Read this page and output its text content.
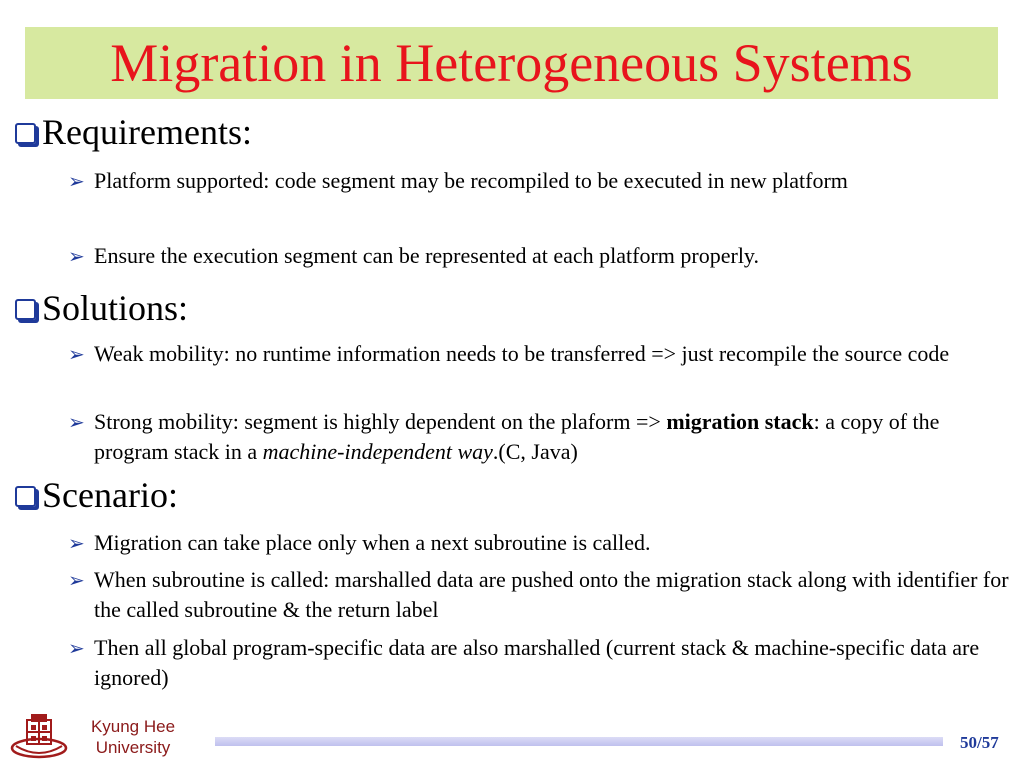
Migration in Heterogeneous Systems
Requirements:
➢ Platform supported: code segment may be recompiled to be executed in new platform
➢ Ensure the execution segment can be represented at each platform properly.
Solutions:
➢ Weak mobility: no runtime information needs to be transferred => just recompile the source code
➢ Strong mobility: segment is highly dependent on the plaform => migration stack: a copy of the program stack in a machine-independent way.(C, Java)
Scenario:
➢ Migration can take place only when a next subroutine is called.
➢ When subroutine is called: marshalled data are pushed onto the migration stack along with identifier for the called subroutine & the return label
➢ Then all global program-specific data are also marshalled (current stack & machine-specific data are ignored)
Kyung Hee
University	50/57
